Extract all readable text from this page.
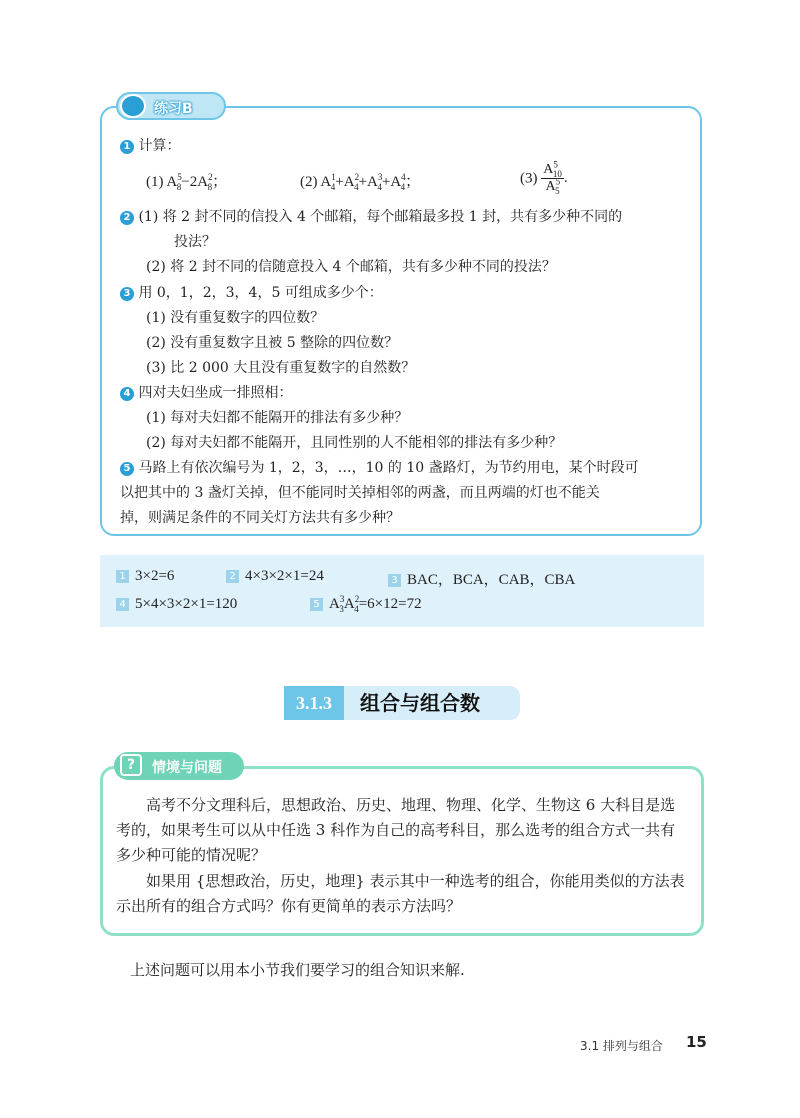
练习B
1 计算：
(1) $A^5_8-2A^2_8$；	(2) $A^1_4+A^2_4+A^3_4+A^4_4$；	$(3) \frac{A^5_{10}}{A^5_5}$ .
2 (1) 将 2 封不同的信投入 4 个邮箱，每个邮箱最多投 1 封，共有多少种不同的
投法？
(2) 将 2 封不同的信随意投入 4 个邮箱，共有多少种不同的投法？
3 用 0，1，2，3，4，5 可组成多少个：
(1) 没有重复数字的四位数？
(2) 没有重复数字且被 5 整除的四位数？
(3) 比 2 000 大且没有重复数字的自然数？
4 四对夫妇坐成一排照相：
(1) 每对夫妇都不能隔开的排法有多少种？
(2) 每对夫妇都不能隔开，且同性别的人不能相邻的排法有多少种？
5 马路上有依次编号为 1，2，3，…，10 的 10 盏路灯，为节约用电，某个时段可
以把其中的 3 盏灯关掉，但不能同时关掉相邻的两盏，而且两端的灯也不能关
掉，则满足条件的不同关灯方法共有多少种？
1 3×2=6	2 4×3×2×1=24	3 BAC，BCA，CAB，CBA
4 5×4×3×2×1=120	5 $A^3_3A^2_4=6\times 12=72$
3.1.3	组合与组合数
?	情境与问题
高考不分文理科后，思想政治、历史、地理、物理、化学、生物这 6 大科目是选考的，如果考生可以从中任选 3 科作为自己的高考科目，那么选考的组合方式一共有多少种可能的情况呢？
如果用 {思想政治，历史，地理} 表示其中一种选考的组合，你能用类似的方法表示出所有的组合方式吗？你有更简单的表示方法吗？
上述问题可以用本小节我们要学习的组合知识来解.
3.1 排列与组合 15
